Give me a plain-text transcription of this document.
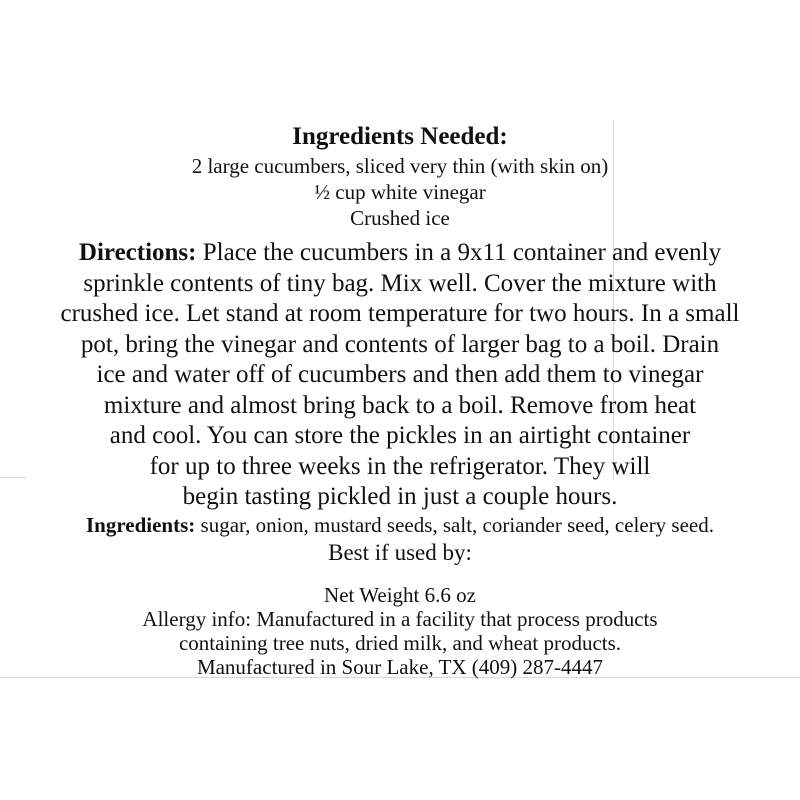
Ingredients Needed:
2 large cucumbers, sliced very thin (with skin on)
½ cup white vinegar
Crushed ice
Directions: Place the cucumbers in a 9x11 container and evenly
sprinkle contents of tiny bag. Mix well. Cover the mixture with
crushed ice. Let stand at room temperature for two hours. In a small
pot, bring the vinegar and contents of larger bag to a boil. Drain
ice and water off of cucumbers and then add them to vinegar
mixture and almost bring back to a boil. Remove from heat
and cool. You can store the pickles in an airtight container
for up to three weeks in the refrigerator. They will
begin tasting pickled in just a couple hours.
Ingredients: sugar, onion, mustard seeds, salt, coriander seed, celery seed.
Best if used by:
Net Weight 6.6 oz
Allergy info: Manufactured in a facility that process products
containing tree nuts, dried milk, and wheat products.
Manufactured in Sour Lake, TX (409) 287-4447
